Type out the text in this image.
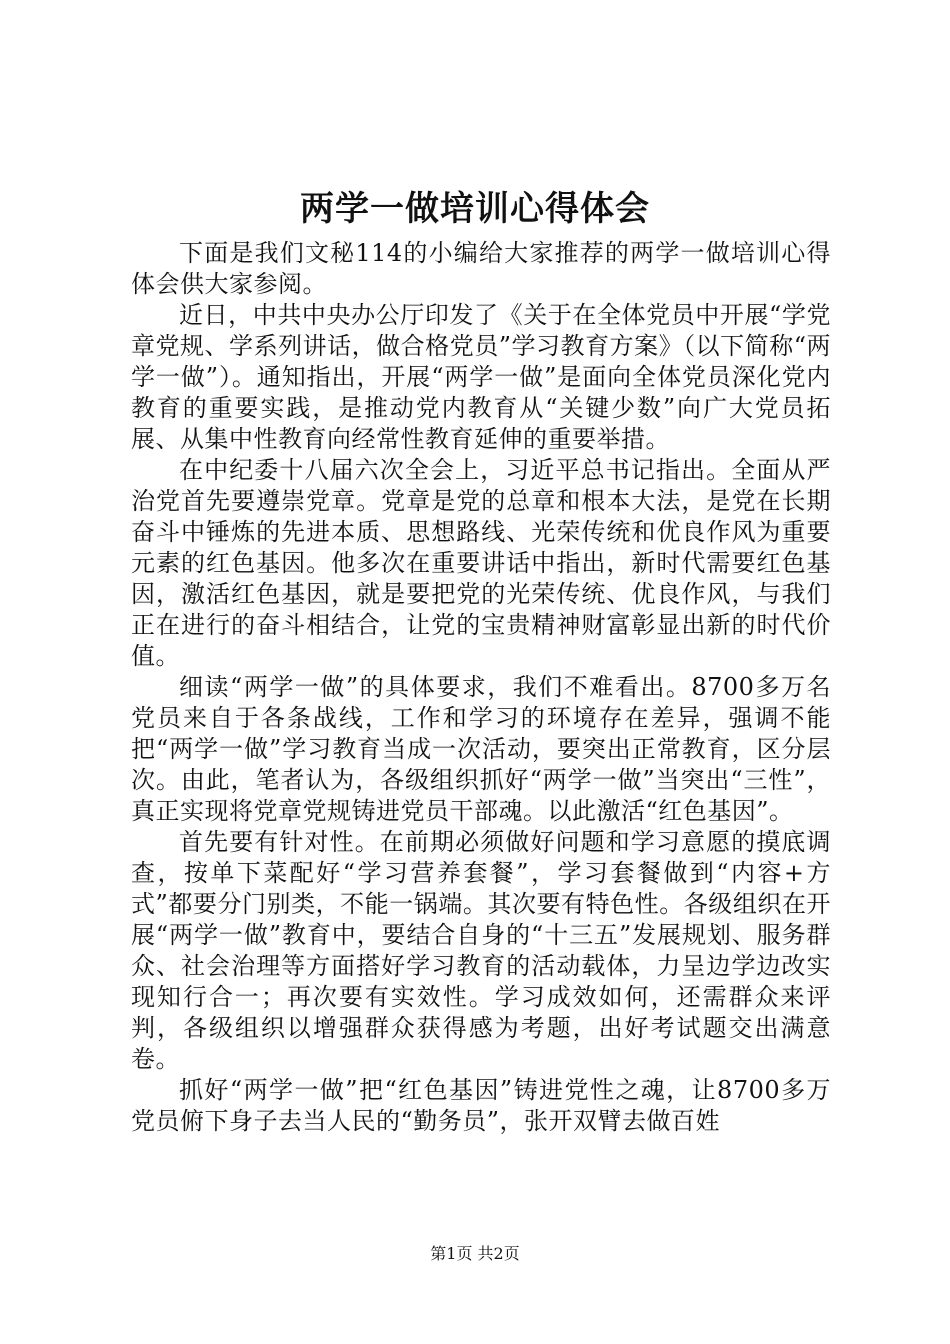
两学一做培训心得体会

下面是我们文秘114的小编给大家推荐的两学一做培训心得体会供大家参阅。

近日，中共中央办公厅印发了《关于在全体党员中开展“学党章党规、学系列讲话，做合格党员”学习教育方案》（以下简称“两学一做”）。通知指出，开展“两学一做”是面向全体党员深化党内教育的重要实践，是推动党内教育从“关键少数”向广大党员拓展、从集中性教育向经常性教育延伸的重要举措。

在中纪委十八届六次全会上，习近平总书记指出。全面从严治党首先要遵崇党章。党章是党的总章和根本大法，是党在长期奋斗中锤炼的先进本质、思想路线、光荣传统和优良作风为重要元素的红色基因。他多次在重要讲话中指出，新时代需要红色基因，激活红色基因，就是要把党的光荣传统、优良作风，与我们正在进行的奋斗相结合，让党的宝贵精神财富彰显出新的时代价值。

细读“两学一做”的具体要求，我们不难看出。8700多万名党员来自于各条战线，工作和学习的环境存在差异，强调不能把“两学一做”学习教育当成一次活动，要突出正常教育，区分层次。由此，笔者认为，各级组织抓好“两学一做”当突出“三性”，真正实现将党章党规铸进党员干部魂。以此激活“红色基因”。

首先要有针对性。在前期必须做好问题和学习意愿的摸底调查，按单下菜配好“学习营养套餐”，学习套餐做到“内容+方式”都要分门别类，不能一锅端。其次要有特色性。各级组织在开展“两学一做”教育中，要结合自身的“十三五”发展规划、服务群众、社会治理等方面搭好学习教育的活动载体，力呈边学边改实现知行合一；再次要有实效性。学习成效如何，还需群众来评判，各级组织以增强群众获得感为考题，出好考试题交出满意卷。

抓好“两学一做”把“红色基因”铸进党性之魂，让8700多万党员俯下身子去当人民的“勤务员”，张开双臂去做百姓

第1页 共2页
